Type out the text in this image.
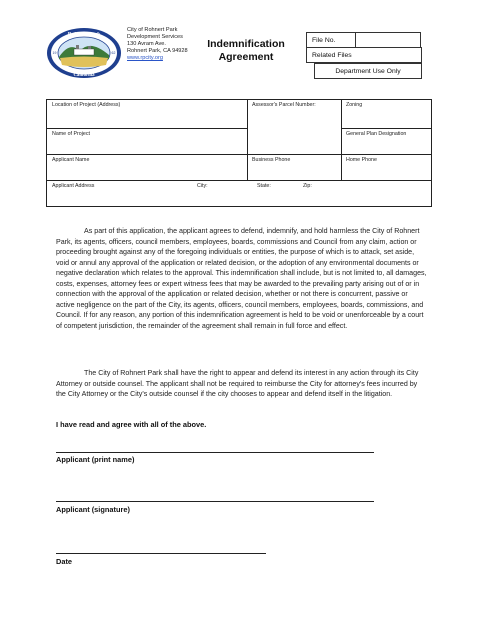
Rohnert Park
California
19	62
City of Rohnert Park
Development Services
130 Avram Ave.
Rohnert Park, CA 94928
www.rpcity.org
Indemnification
Agreement
File No.
Related Files
Department Use Only
Location of Project (Address)	Assessor's Parcel Number:	Zoning
Name of Project	General Plan Designation
Applicant Name	Business Phone	Home Phone
Applicant Address	City:	State:	Zip:

As part of this application, the applicant agrees to defend, indemnify, and hold harmless the City of Rohnert Park, its agents, officers, council members, employees, boards, commissions and Council from any claim, action or proceeding brought against any of the foregoing individuals or entities, the purpose of which is to attack, set aside, void or annul any approval of the application or related decision, or the adoption of any environmental documents or negative declaration which relates to the approval. This indemnification shall include, but is not limited to, all damages, costs, expenses, attorney fees or expert witness fees that may be awarded to the prevailing party arising out of or in connection with the approval of the application or related decision, whether or not there is concurrent, passive or active negligence on the part of the City, its agents, officers, council members, employees, boards, commissions, and Council. If for any reason, any portion of this indemnification agreement is held to be void or unenforceable by a court of competent jurisdiction, the remainder of the agreement shall remain in full force and effect.

The City of Rohnert Park shall have the right to appear and defend its interest in any action through its City Attorney or outside counsel. The applicant shall not be required to reimburse the City for attorney's fees incurred by the City Attorney or the City's outside counsel if the city chooses to appear and defend itself in the litigation.

I have read and agree with all of the above.
Applicant (print name)
Applicant (signature)
Date
